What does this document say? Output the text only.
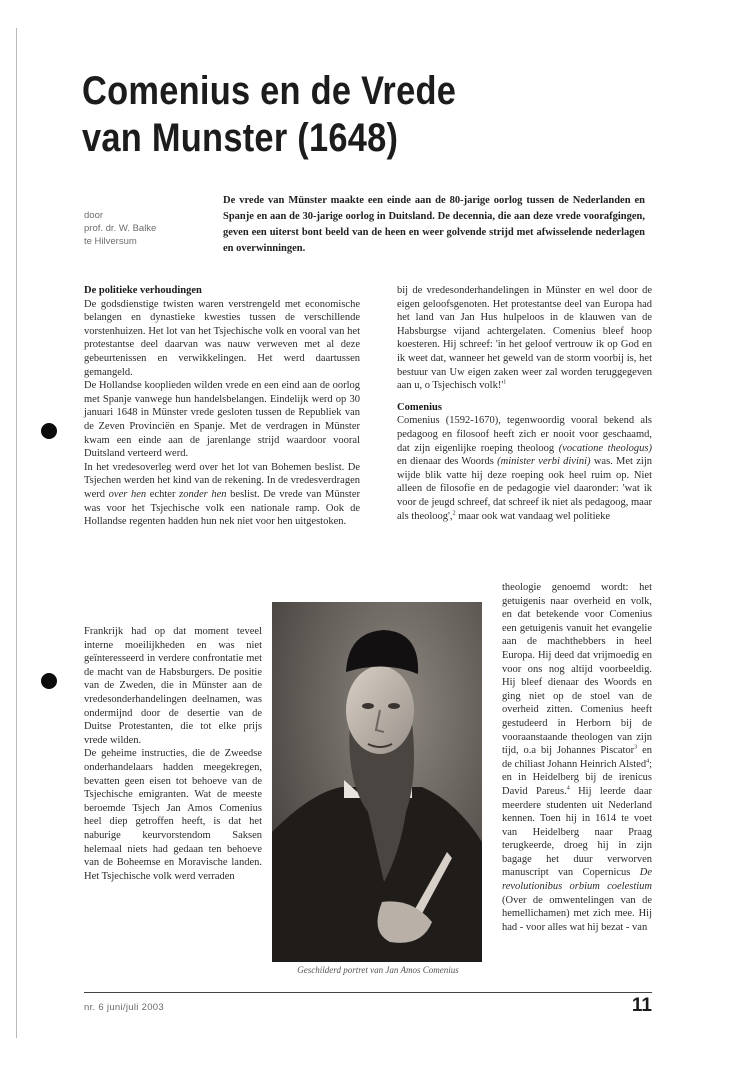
Comenius en de Vrede
van Munster (1648)
door
prof. dr. W. Balke
te Hilversum

De vrede van Münster maakte een einde aan de 80-jarige oorlog tussen de Nederlanden en Spanje en aan de 30-jarige oorlog in Duitsland. De decennia, die aan deze vrede voorafgingen, geven een uiterst bont beeld van de heen en weer golvende strijd met afwisselende nederlagen en overwinningen.

De politieke verhoudingen

De godsdienstige twisten waren verstrengeld met economische belangen en dynastieke kwesties tussen de verschillende vorstenhuizen. Het lot van het Tsjechische volk en vooral van het protestantse deel daarvan was nauw verweven met al deze gebeurtenissen en verwikkelingen. Het werd daartussen gemangeld.

De Hollandse kooplieden wilden vrede en een eind aan de oorlog met Spanje vanwege hun handelsbelangen. Eindelijk werd op 30 januari 1648 in Münster vrede gesloten tussen de Republiek van de Zeven Provinciën en Spanje. Met de verdragen in Münster kwam een einde aan de jarenlange strijd waardoor vooral Duitsland verteerd werd.

In het vredesoverleg werd over het lot van Bohemen beslist. De Tsjechen werden het kind van de rekening. In de vredesverdragen werd over hen echter zonder hen beslist. De vrede van Münster was voor het Tsjechische volk een nationale ramp. Ook de Hollandse regenten hadden hun nek niet voor hen uitgestoken.

Frankrijk had op dat moment teveel interne moeilijkheden en was niet geïnteresseerd in verdere confrontatie met de macht van de Habsburgers. De positie van de Zweden, die in Münster aan de vredesonderhandelingen deelnamen, was ondermijnd door de desertie van de Duitse Protestanten, die tot elke prijs vrede wilden.

De geheime instructies, die de Zweedse onderhandelaars hadden meegekregen, bevatten geen eisen tot behoeve van de Tsjechische emigranten. Wat de meeste beroemde Tsjech Jan Amos Comenius heel diep getroffen heeft, is dat het naburige keurvorstendom Saksen helemaal niets had gedaan ten behoeve van de Boheemse en Moravische landen. Het Tsjechische volk werd verraden

bij de vredesonderhandelingen in Münster en wel door de eigen geloofsgenoten. Het protestantse deel van Europa had het land van Jan Hus hulpeloos in de klauwen van de Habsburgse vijand achtergelaten. Comenius bleef hoop koesteren. Hij schreef: 'in het geloof vertrouw ik op God en ik weet dat, wanneer het geweld van de storm voorbij is, het bestuur van Uw eigen zaken weer zal worden teruggegeven aan u, o Tsjechisch $volk!'^1$

Comenius

Comenius (1592-1670), tegenwoordig vooral bekend als pedagoog en filosoof heeft zich er nooit voor geschaamd, dat zijn eigenlijke roeping theoloog (vocatione theologus) en dienaar des Woords (minister verbi divini) was. Met zijn wijde blik vatte hij deze roeping ook heel ruim op. Niet alleen de filosofie en de pedagogie viel daaronder: 'wat ik voor de jeugd schreef, dat schreef ik niet als pedagoog, maar als theoloog',$^2$ maar ook wat vandaag wel politieke

theologie genoemd wordt: het getuigenis naar overheid en volk, en dat betekende voor Comenius een getuigenis vanuit het evangelie aan de machthebbers in heel Europa. Hij deed dat vrijmoedig en voor ons nog altijd voorbeeldig. Hij bleef dienaar des Woords en ging niet op de stoel van de overheid zitten. Comenius heeft gestudeerd in Herborn bij de vooraanstaande theologen van zijn tijd, o.a bij Johannes Piscator$^3$ en de chiliast Johann Heinrich Alsted$^4$; en in Heidelberg bij de irenicus David Pareus.$^4$ Hij leerde daar meerdere studenten uit Nederland kennen. Toen hij in 1614 te voet van Heidelberg naar Praag terugkeerde, droeg hij in zijn bagage het duur verworven manuscript van Copernicus De revolutionibus orbium coelestium (Over de omwentelingen van de hemellichamen) met zich mee. Hij had - voor alles wat hij bezat - van

Geschilderd portret van Jan Amos Comenius
nr. 6 juni/juli 2003	11
